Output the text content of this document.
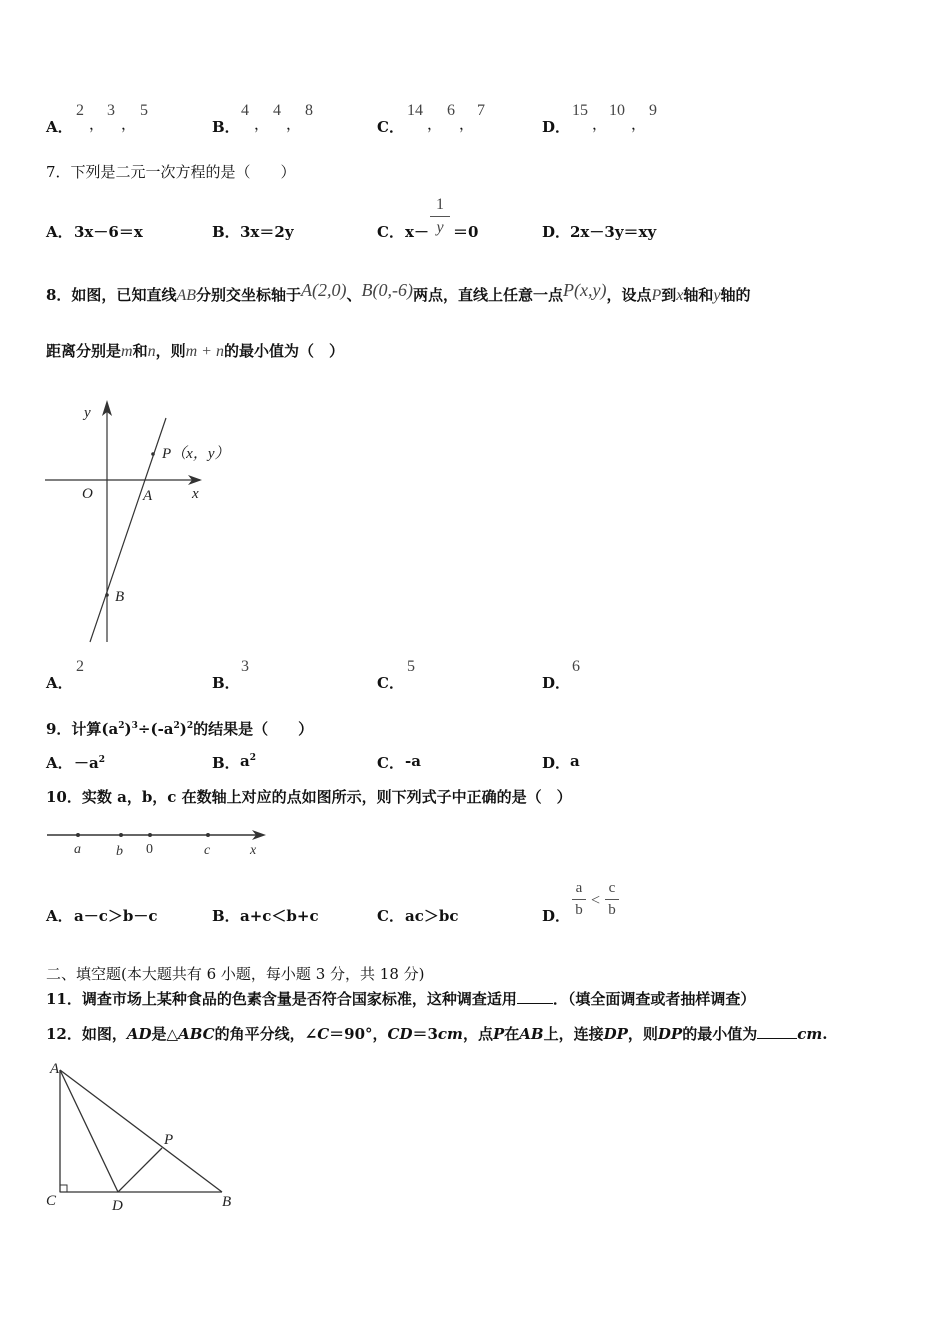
A．
2
，
3
，
5
B．
4
，
4
，
8
C．
14
，
6
，
7
D．
15
，
10
，
9
7．下列是二元一次方程的是（　　）
A． 3x－6＝x	B． 3x＝2y	C． x－
1
y ＝0	D． 2x－3y＝xy
8．如图，已知直线AB分别交坐标轴于A(2,0)、B(0,-6)两点，直线上任意一点P(x,y)，设点P到x轴和y轴的
距离分别是m和n，则m + n的最小值为（　）
y
x
O	A
B
P（x，y）
A．
2
B．
3
C．
5
D．
6
9．计算$(a^2)^3\div(-a^2)^2$的结果是（　　）
A． $-a^2$	B． $a^2$	C． -a	D． a
10．实数 a，b，c 在数轴上对应的点如图所示，则下列式子中正确的是（　）
a	b 0	c	x
A． a－c＞b－c	B． a+c＜b+c	C． ac＞bc	D．
a
b
<
c
b
二、填空题(本大题共有 6 小题，每小题 3 分，共 18 分)
11．调查市场上某种食品的色素含量是否符合国家标准，这种调查适用 ．（填全面调查或者抽样调查）
12．如图，AD是△ABC的角平分线，∠C＝90°，CD＝3cm，点P在AB上，连接DP，则DP的最小值为	cm.
A
C	D	B
P
